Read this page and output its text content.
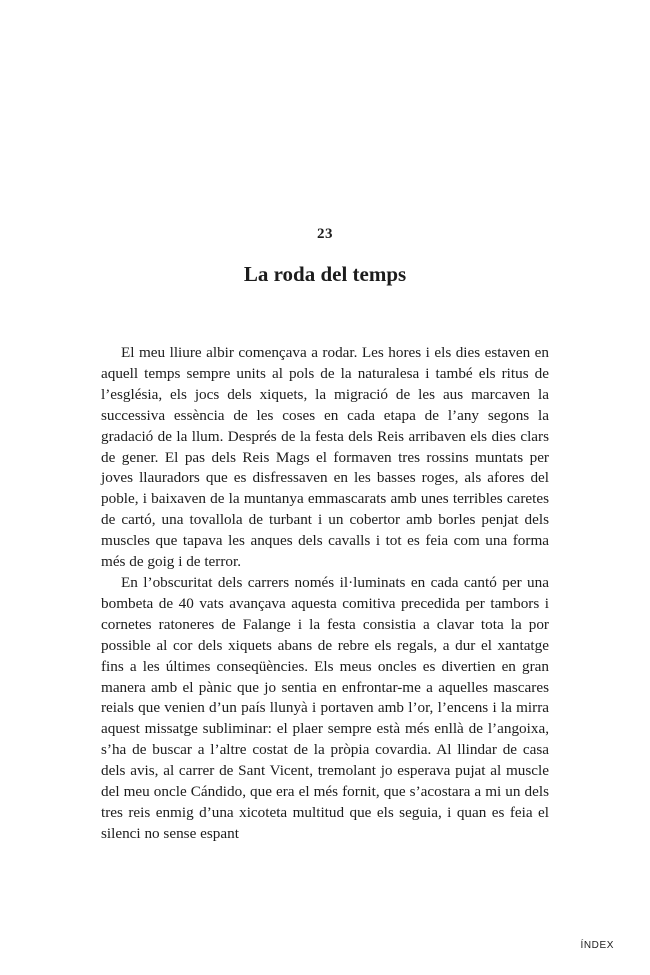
23
La roda del temps

El meu lliure albir començava a rodar. Les hores i els dies estaven en aquell temps sempre units al pols de la naturalesa i també els ritus de l’església, els jocs dels xiquets, la migració de les aus marcaven la successiva essència de les coses en cada etapa de l’any segons la gradació de la llum. Després de la festa dels Reis arribaven els dies clars de gener. El pas dels Reis Mags el formaven tres rossins muntats per joves llauradors que es disfressaven en les basses roges, als afores del poble, i baixaven de la muntanya emmascarats amb unes terribles caretes de cartó, una tovallola de turbant i un cobertor amb borles penjat dels muscles que tapava les anques dels cavalls i tot es feia com una forma més de goig i de terror.

En l’obscuritat dels carrers només il·luminats en cada cantó per una bombeta de 40 vats avançava aquesta comitiva precedida per tambors i cornetes ratoneres de Falange i la festa consistia a clavar tota la por possible al cor dels xiquets abans de rebre els regals, a dur el xantatge fins a les últimes conseqüències. Els meus oncles es divertien en gran manera amb el pànic que jo sentia en enfrontar-me a aquelles mascares reials que venien d’un país llunyà i portaven amb l’or, l’encens i la mirra aquest missatge subliminar: el plaer sempre està més enllà de l’angoixa, s’ha de buscar a l’altre costat de la pròpia covardia. Al llindar de casa dels avis, al carrer de Sant Vicent, tremolant jo esperava pujat al muscle del meu oncle Cándido, que era el més fornit, que s’acostara a mi un dels tres reis enmig d’una xicoteta multitud que els seguia, i quan es feia el silenci no sense espant

ÍNDEX
